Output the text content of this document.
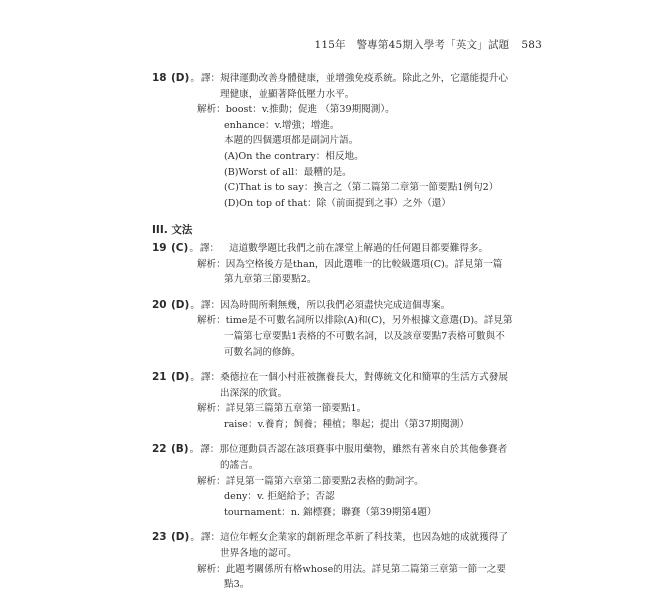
115年　警專第45期入學考「英文」試題 583
18 (D) 。 譯： 規律運動改善身體健康，並增強免疫系統。除此之外，它還能提升心
理健康，並顯著降低壓力水平。
解析： boost：v.推動；促進 （第39期閱測）。
enhance：v.增強；增進。
本題的四個選項都是副詞片語。
(A)On the contrary：相反地。
(B)Worst of all：最糟的是。
(C)That is to say：換言之（第二篇第二章第一節要點1例句2）
(D)On top of that：除（前面提到之事）之外（還）
III. 文法
19 (C) 。 譯： 這道數學題比我們之前在課堂上解過的任何題目都要難得多。
解析： 因為空格後方是than，因此選唯一的比較級選項(C)。詳見第一篇
第九章第三節要點2。
20 (D) 。 譯： 因為時間所剩無幾，所以我們必須盡快完成這個專案。
解析： time是不可數名詞所以排除(A)和(C)，另外根據文意選(D)。詳見第
一篇第七章要點1表格的不可數名詞，以及該章要點7表格可數與不
可數名詞的修飾。
21 (D) 。 譯： 桑德拉在一個小村莊被撫養長大，對傳統文化和簡單的生活方式發展
出深深的欣賞。
解析： 詳見第三篇第五章第一節要點1。
raise：v.養育；飼養；種植；舉起；提出（第37期閱測）
22 (B) 。 譯： 那位運動員否認在該項賽事中服用藥物，雖然有著來自於其他參賽者
的謠言。
解析： 詳見第一篇第六章第二節要點2表格的動詞字。
deny：v. 拒絕給予；否認
tournament：n. 錦標賽；聯賽（第39期第4題）
23 (D) 。 譯： 這位年輕女企業家的創新理念革新了科技業，也因為她的成就獲得了
世界各地的認可。
解析： 此題考關係所有格whose的用法。詳見第二篇第三章第一節一之要
點3。
